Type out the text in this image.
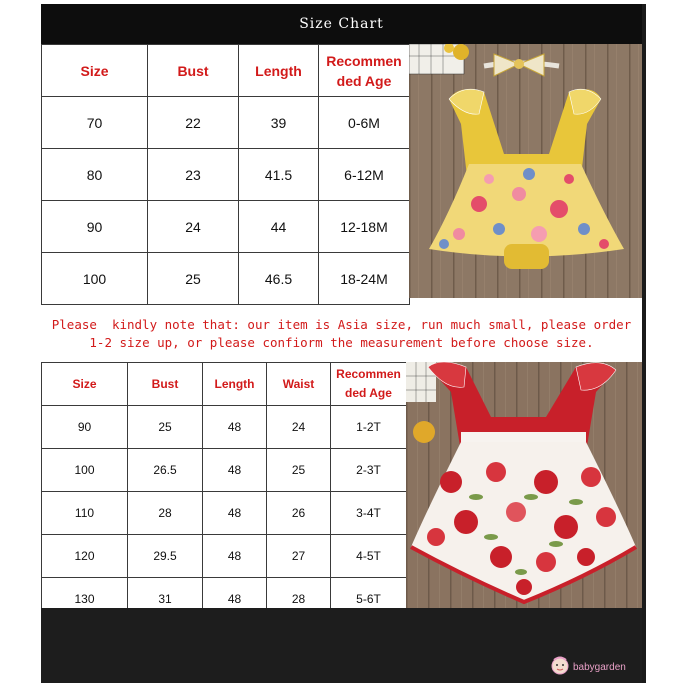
Size Chart
Size	Bust	Length	Recommen
ded Age
70	22	39	0-6M
80	23	41.5	6-12M
90	24	44	12-18M
100	25	46.5	18-24M
Please  kindly note that: our item is Asia size, run much small, please order
1-2 size up, or please confiorm the measurement before choose size.
Size	Bust	Length	Waist	Recommen
ded Age
90	25	48	24	1-2T
100	26.5	48	25	2-3T
110	28	48	26	3-4T
120	29.5	48	27	4-5T
130	31	48	28	5-6T
babygarden
